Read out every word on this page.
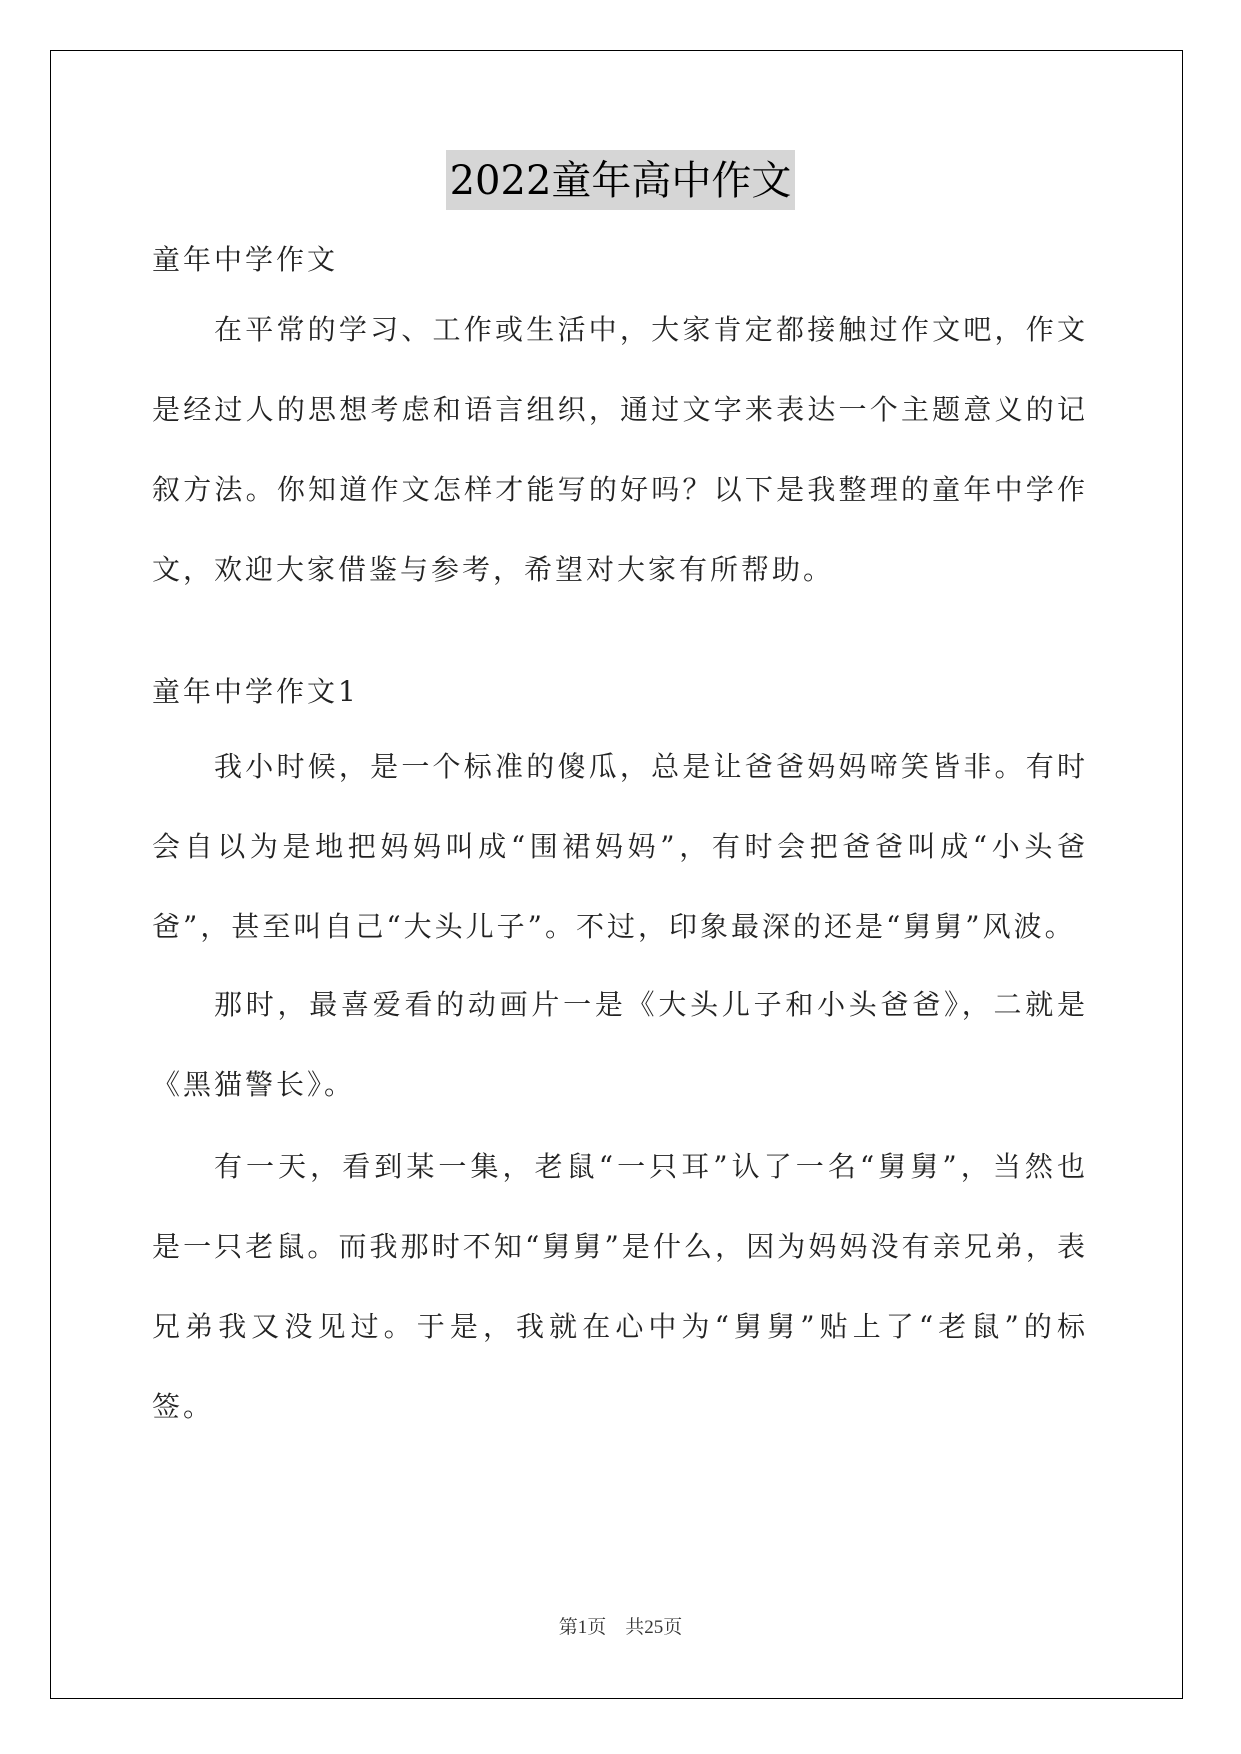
2022童年高中作文
童年中学作文
在平常的学习、工作或生活中，大家肯定都接触过作文吧，作文是经过人的思想考虑和语言组织，通过文字来表达一个主题意义的记叙方法。你知道作文怎样才能写的好吗？以下是我整理的童年中学作文，欢迎大家借鉴与参考，希望对大家有所帮助。
童年中学作文1
我小时候，是一个标准的傻瓜，总是让爸爸妈妈啼笑皆非。有时会自以为是地把妈妈叫成“围裙妈妈”，有时会把爸爸叫成“小头爸爸”，甚至叫自己“大头儿子”。不过，印象最深的还是“舅舅”风波。
那时，最喜爱看的动画片一是《大头儿子和小头爸爸》，二就是《黑猫警长》。
有一天，看到某一集，老鼠“一只耳”认了一名“舅舅”，当然也是一只老鼠。而我那时不知“舅舅”是什么，因为妈妈没有亲兄弟，表兄弟我又没见过。于是，我就在心中为“舅舅”贴上了“老鼠”的标签。
第1页　共25页
